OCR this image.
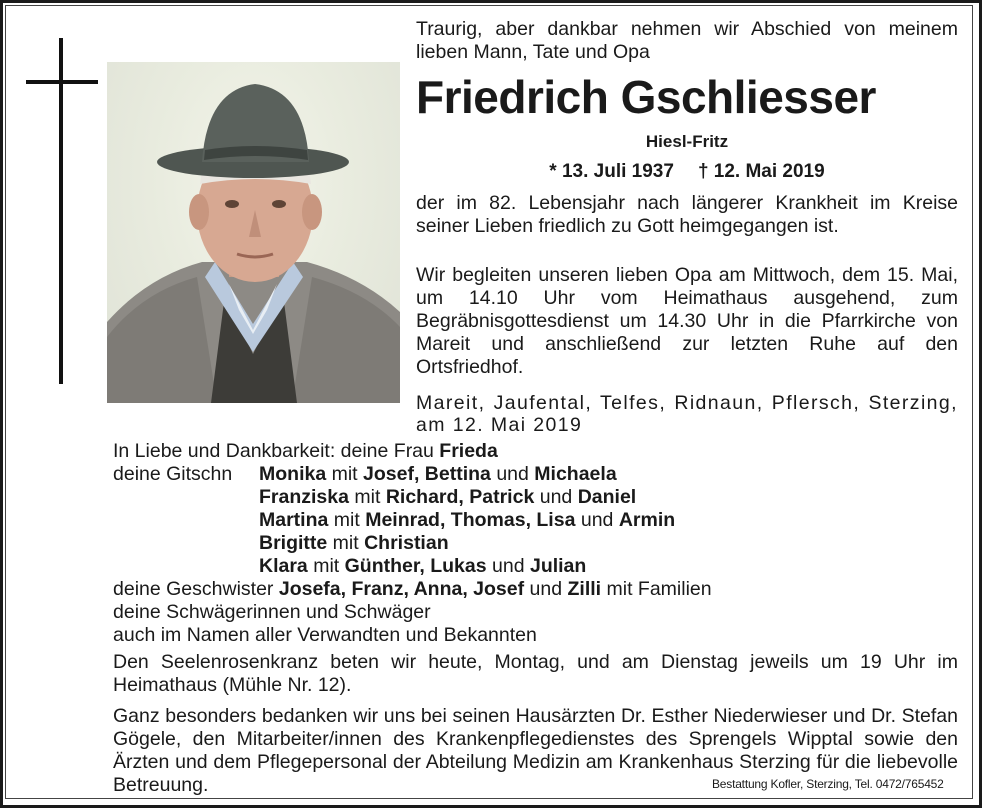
Traurig, aber dankbar nehmen wir Abschied von meinem lieben Mann, Tate und Opa
Friedrich Gschliesser
Hiesl-Fritz
* 13. Juli 1937 † 12. Mai 2019
der im 82. Lebensjahr nach längerer Krankheit im Kreise seiner Lieben friedlich zu Gott heimgegangen ist.
Wir begleiten unseren lieben Opa am Mittwoch, dem 15. Mai, um 14.10 Uhr vom Heimathaus ausgehend, zum Begräbnisgottesdienst um 14.30 Uhr in die Pfarrkirche von Mareit und anschließend zur letzten Ruhe auf den Ortsfriedhof.
Mareit, Jaufental, Telfes, Ridnaun, Pflersch, Sterzing, am 12. Mai 2019
In Liebe und Dankbarkeit: deine Frau Frieda
deine Gitschn Monika mit Josef, Bettina und Michaela
Franziska mit Richard, Patrick und Daniel
Martina mit Meinrad, Thomas, Lisa und Armin
Brigitte mit Christian
Klara mit Günther, Lukas und Julian
deine Geschwister Josefa, Franz, Anna, Josef und Zilli mit Familien
deine Schwägerinnen und Schwäger
auch im Namen aller Verwandten und Bekannten
Den Seelenrosenkranz beten wir heute, Montag, und am Dienstag jeweils um 19 Uhr im Heimathaus (Mühle Nr. 12).
Ganz besonders bedanken wir uns bei seinen Hausärzten Dr. Esther Niederwieser und Dr. Stefan Gögele, den Mitarbeiter/innen des Krankenpflegedienstes des Sprengels Wipptal sowie den Ärzten und dem Pflegepersonal der Abteilung Medizin am Krankenhaus Sterzing für die liebevolle Betreuung.	Bestattung Kofler, Sterzing, Tel. 0472/765452
